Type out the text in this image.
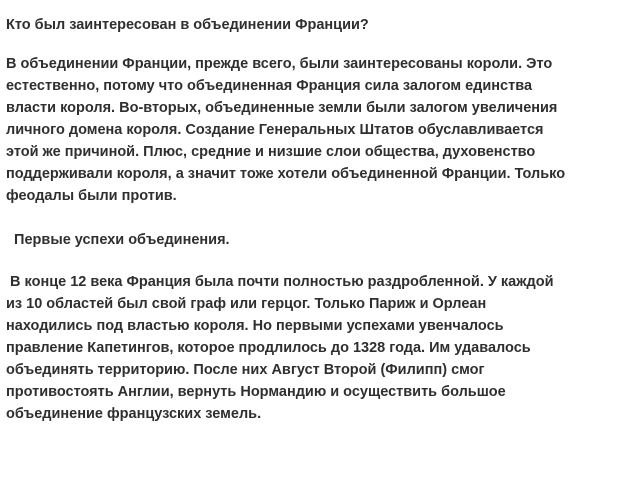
Кто был заинтересован в объединении Франции?

В объединении Франции, прежде всего, были заинтересованы короли. Это
естественно, потому что объединенная Франция сила залогом единства
власти короля. Во-вторых, объединенные земли были залогом увеличения
личного домена короля. Создание Генеральных Штатов обуславливается
этой же причиной. Плюс, средние и низшие слои общества, духовенство
поддерживали короля, а значит тоже хотели объединенной Франции. Только
феодалы были против.

Первые успехи объединения.

В конце 12 века Франция была почти полностью раздробленной. У каждой
из 10 областей был свой граф или герцог. Только Париж и Орлеан
находились под властью короля. Но первыми успехами увенчалось
правление Капетингов, которое продлилось до 1328 года. Им удавалось
объединять территорию. После них Август Второй (Филипп) смог
противостоять Англии, вернуть Нормандию и осуществить большое
объединение французских земель.
